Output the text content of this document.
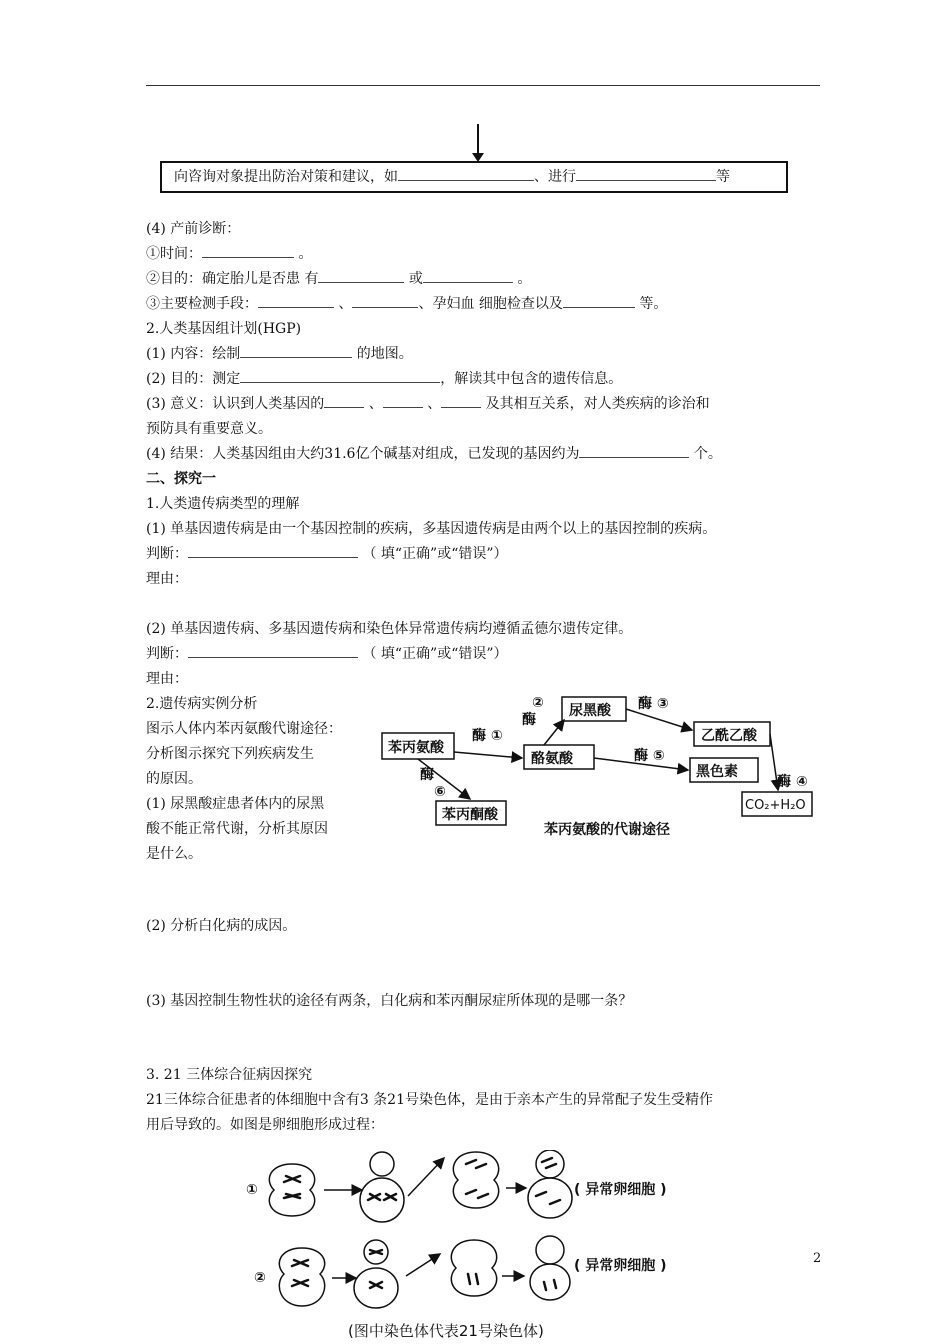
向咨询对象提出防治对策和建议，如	、进行	等
(4) 产前诊断：
①时间：	。
②目的：确定胎儿是否患 有	或	。
③主要检测手段：	、	、孕妇血 细胞检查以及	等。
2.人类基因组计划(HGP)
(1) 内容：绘制	的地图。
(2) 目的：测定	，解读其中包含的遗传信息。
(3) 意义：认识到人类基因的	、	、	及其相互关系，对人类疾病的诊治和
预防具有重要意义。
(4) 结果：人类基因组由大约31.6亿个碱基对组成，已发现的基因约为	个。
二、探究一
1.人类遗传病类型的理解
(1) 单基因遗传病是由一个基因控制的疾病，多基因遗传病是由两个以上的基因控制的疾病。
判断：	（ 填“正确”或“错误”）
理由：
(2) 单基因遗传病、多基因遗传病和染色体异常遗传病均遵循孟德尔遗传定律。
判断：	（ 填“正确”或“错误”）
理由：
2.遗传病实例分析
图示人体内苯丙氨酸代谢途径：
分析图示探究下列疾病发生
的原因。
(1) 尿黑酸症患者体内的尿黑
酸不能正常代谢，分析其原因
是什么。
苯丙氨酸
酪氨酸
尿黑酸
乙酰乙酸
黑色素
CO₂+H₂O
苯丙酮酸
酶 ①
酶
②	酶 ③
酶 ④
酶 ⑤
酶
⑥
苯丙氨酸的代谢途径
(2) 分析白化病的成因。
(3) 基因控制生物性状的途径有两条，白化病和苯丙酮尿症所体现的是哪一条？
3. 21 三体综合征病因探究
21三体综合征患者的体细胞中含有3 条21号染色体，是由于亲本产生的异常配子发生受精作
用后导致的。如图是卵细胞形成过程：
①
②
( 异常卵细胞 )
( 异常卵细胞 )
(图中染色体代表21号染色体)
2
